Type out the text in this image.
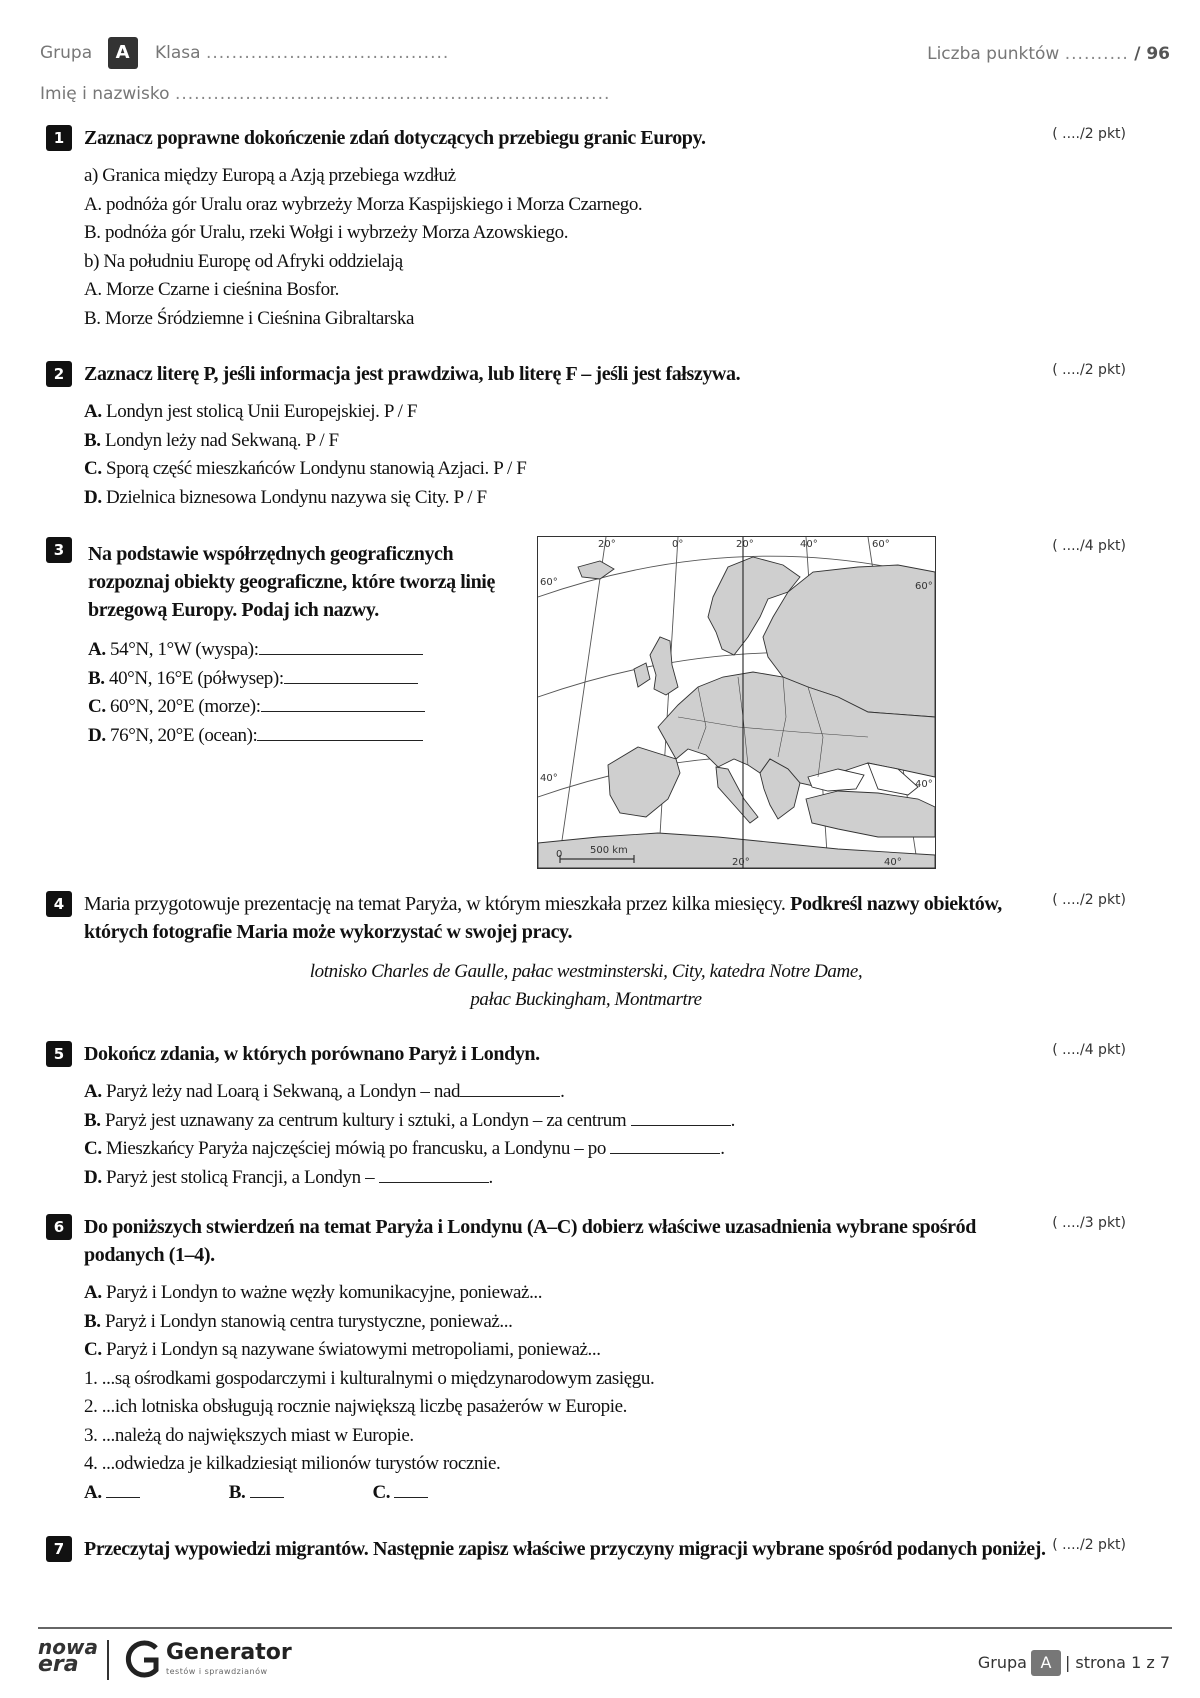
Grupa A Klasa ......................................	Liczba punktów .......... / 96
Imię i nazwisko ....................................................................
1 Zaznacz poprawne dokończenie zdań dotyczących przebiegu granic Europy.	( ..../2 pkt)
a) Granica między Europą a Azją przebiega wzdłuż
A. podnóża gór Uralu oraz wybrzeży Morza Kaspijskiego i Morza Czarnego.
B. podnóża gór Uralu, rzeki Wołgi i wybrzeży Morza Azowskiego.
b) Na południu Europę od Afryki oddzielają
A. Morze Czarne i cieśnina Bosfor.
B. Morze Śródziemne i Cieśnina Gibraltarska
2 Zaznacz literę P, jeśli informacja jest prawdziwa, lub literę F – jeśli jest fałszywa.	( ..../2 pkt)
A. Londyn jest stolicą Unii Europejskiej. P / F
B. Londyn leży nad Sekwaną. P / F
C. Sporą część mieszkańców Londynu stanowią Azjaci. P / F
D. Dzielnica biznesowa Londynu nazywa się City. P / F
3	Na podstawie współrzędnych geograficznych rozpoznaj obiekty geograficzne, które tworzą linię brzegową Europy. Podaj ich nazwy.
( ..../4 pkt)
A. 54°N, 1°W (wyspa):
B. 40°N, 16°E (półwysep):
C. 60°N, 20°E (morze):
D. 76°N, 20°E (ocean):
20°	0°	20°	40°	60°
60°
40°
60°
40°
20°	40°
0	500 km
4 Maria przygotowuje prezentację na temat Paryża, w którym mieszkała przez kilka miesięcy. Podkreśl nazwy obiektów, których fotografie Maria może wykorzystać w swojej pracy.
( ..../2 pkt)
lotnisko Charles de Gaulle, pałac westminsterski, City, katedra Notre Dame,
pałac Buckingham, Montmartre
5 Dokończ zdania, w których porównano Paryż i Londyn.	( ..../4 pkt)
A. Paryż leży nad Loarą i Sekwaną, a Londyn – nad	.
B. Paryż jest uznawany za centrum kultury i sztuki, a Londyn – za centrum	.
C. Mieszkańcy Paryża najczęściej mówią po francusku, a Londynu – po	.
D. Paryż jest stolicą Francji, a Londyn –	.
6 Do poniższych stwierdzeń na temat Paryża i Londynu (A–C) dobierz właściwe uzasadnienia wybrane spośród podanych (1–4).
( ..../3 pkt)
A. Paryż i Londyn to ważne węzły komunikacyjne, ponieważ...
B. Paryż i Londyn stanowią centra turystyczne, ponieważ...
C. Paryż i Londyn są nazywane światowymi metropoliami, ponieważ...
1. ...są ośrodkami gospodarczymi i kulturalnymi o międzynarodowym zasięgu.
2. ...ich lotniska obsługują rocznie największą liczbę pasażerów w Europie.
3. ...należą do największych miast w Europie.
4. ...odwiedza je kilkadziesiąt milionów turystów rocznie.
A.	B.	C.
7 Przeczytaj wypowiedzi migrantów. Następnie zapisz właściwe przyczyny migracji wybrane spośród podanych poniżej. ( ..../2 pkt)
nowa
era	Generator
testów i sprawdzianów	Grupa A | strona 1 z 7
